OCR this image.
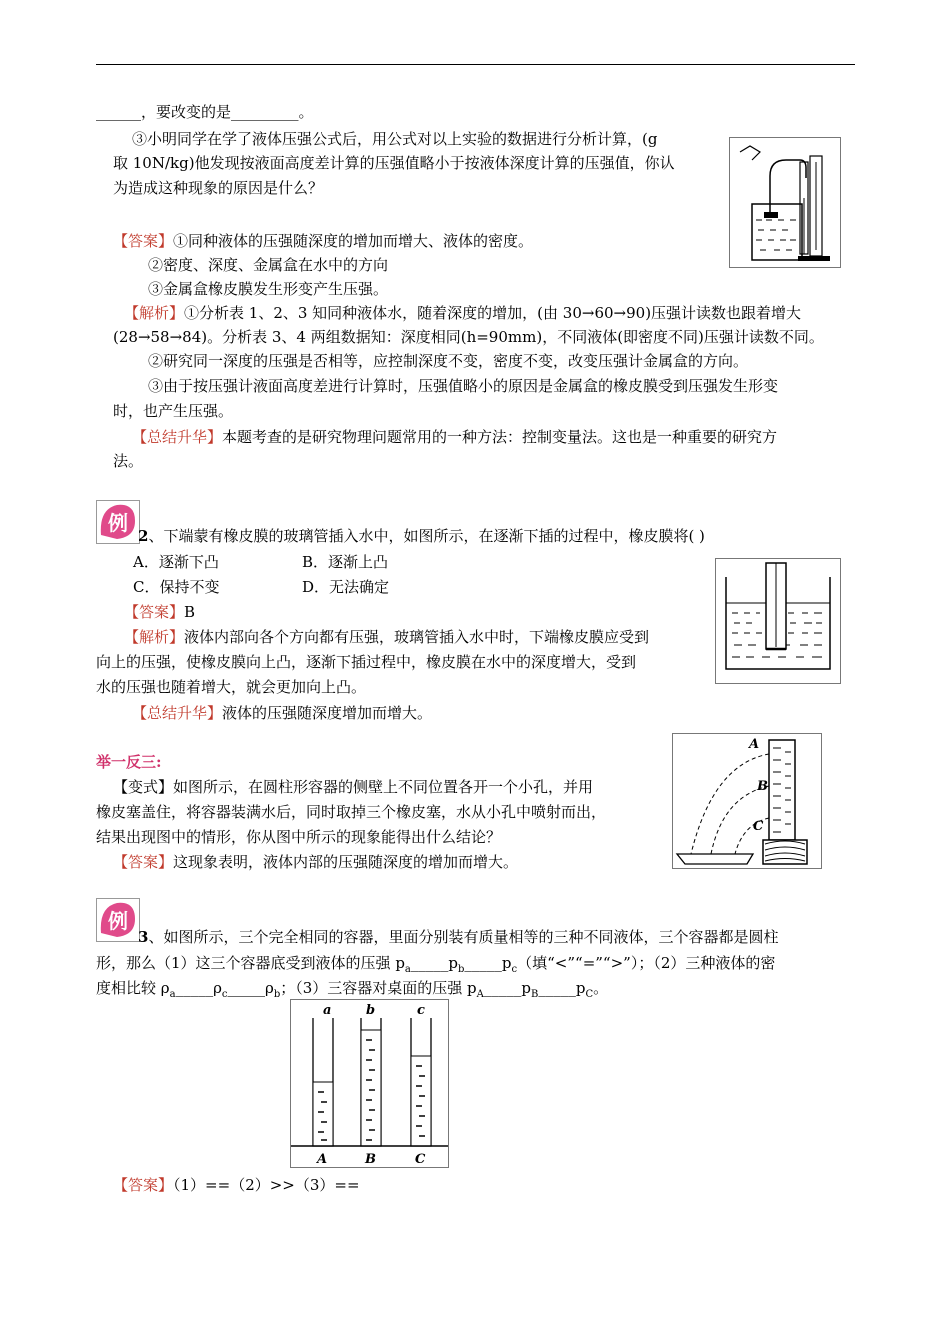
______，要改变的是_________。
③小明同学在学了液体压强公式后，用公式对以上实验的数据进行分析计算，(g
取 10N/kg)他发现按液面高度差计算的压强值略小于按液体深度计算的压强值，你认
为造成这种现象的原因是什么？
【答案】①同种液体的压强随深度的增加而增大、液体的密度。
②密度、深度、金属盒在水中的方向
③金属盒橡皮膜发生形变产生压强。
【解析】①分析表 1、2、3 知同种液体水，随着深度的增加，(由 30→60→90)压强计读数也跟着增大
(28→58→84)。分析表 3、4 两组数据知：深度相同(h=90mm)，不同液体(即密度不同)压强计读数不同。
②研究同一深度的压强是否相等，应控制深度不变，密度不变，改变压强计金属盒的方向。
③由于按压强计液面高度差进行计算时，压强值略小的原因是金属盒的橡皮膜受到压强发生形变
时，也产生压强。
【总结升华】本题考查的是研究物理问题常用的一种方法：控制变量法。这也是一种重要的研究方
法。
例
2、下端蒙有橡皮膜的玻璃管插入水中，如图所示，在逐渐下插的过程中，橡皮膜将( )
A．逐渐下凸	B．逐渐上凸
C．保持不变	D．无法确定
【答案】B
【解析】液体内部向各个方向都有压强，玻璃管插入水中时，下端橡皮膜应受到
向上的压强，使橡皮膜向上凸，逐渐下插过程中，橡皮膜在水中的深度增大，受到
水的压强也随着增大，就会更加向上凸。
【总结升华】液体的压强随深度增加而增大。
举一反三:
【变式】如图所示，在圆柱形容器的侧壁上不同位置各开一个小孔，并用
橡皮塞盖住，将容器装满水后，同时取掉三个橡皮塞，水从小孔中喷射而出，
结果出现图中的情形，你从图中所示的现象能得出什么结论？
【答案】这现象表明，液体内部的压强随深度的增加而增大。
A
B
C
例
3、如图所示，三个完全相同的容器，里面分别装有质量相等的三种不同液体，三个容器都是圆柱
形，那么（1）这三个容器底受到液体的压强 $p_a\_\_\_\_\_p_b\_\_\_\_\_p_c$（填“<”“=”“>”）；（2）三种液体的密
度相比较 $\rho_a\_\_\_\_\_\rho_c\_\_\_\_\_\rho_b$；（3）三容器对桌面的压强 $p_A\_\_\_\_\_p_B\_\_\_\_\_p_C$。
a	b	c
A	B	C
【答案】（1）==（2）>>（3）==
